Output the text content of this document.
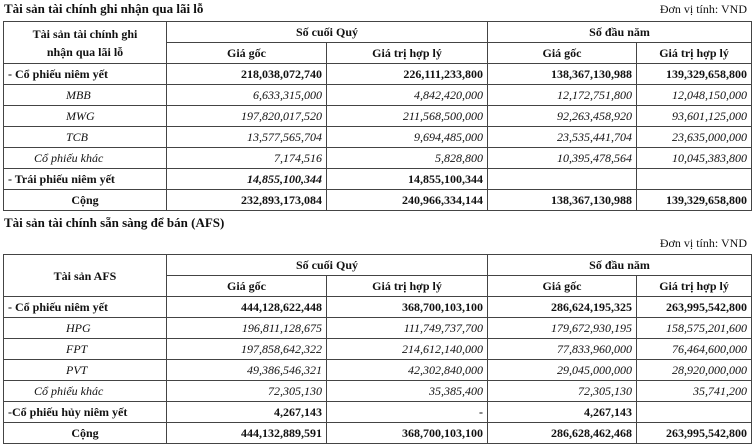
Tài sản tài chính ghi nhận qua lãi lỗ	Đơn vị tính: VND
Tài sản tài chính ghi
nhận qua lãi lỗ	Số cuối Quý		Số đầu năm	
	Giá gốc	Giá trị hợp lý	Giá gốc	Giá trị hợp lý
- Cổ phiếu niêm yết	218,038,072,740	226,111,233,800	138,367,130,988	139,329,658,800
MBB	6,633,315,000	4,842,420,000	12,172,751,800	12,048,150,000
MWG	197,820,017,520	211,568,500,000	92,263,458,920	93,601,125,000
TCB	13,577,565,704	9,694,485,000	23,535,441,704	23,635,000,000
Cổ phiếu khác	7,174,516	5,828,800	10,395,478,564	10,045,383,800
- Trái phiếu niêm yết	14,855,100,344	14,855,100,344		
Cộng	232,893,173,084	240,966,334,144	138,367,130,988	139,329,658,800
Tài sản tài chính sẵn sàng để bán (AFS)
Đơn vị tính: VND
Tài sản AFS	Số cuối Quý		Số đầu năm	
	Giá gốc	Giá trị hợp lý	Giá gốc	Giá trị hợp lý
- Cổ phiếu niêm yết	444,128,622,448	368,700,103,100	286,624,195,325	263,995,542,800
HPG	196,811,128,675	111,749,737,700	179,672,930,195	158,575,201,600
FPT	197,858,642,322	214,612,140,000	77,833,960,000	76,464,600,000
PVT	49,386,546,321	42,302,840,000	29,045,000,000	28,920,000,000
Cổ phiếu khác	72,305,130	35,385,400	72,305,130	35,741,200
-Cổ phiếu hủy niêm yết	4,267,143	-	4,267,143	
Cộng	444,132,889,591	368,700,103,100	286,628,462,468	263,995,542,800
